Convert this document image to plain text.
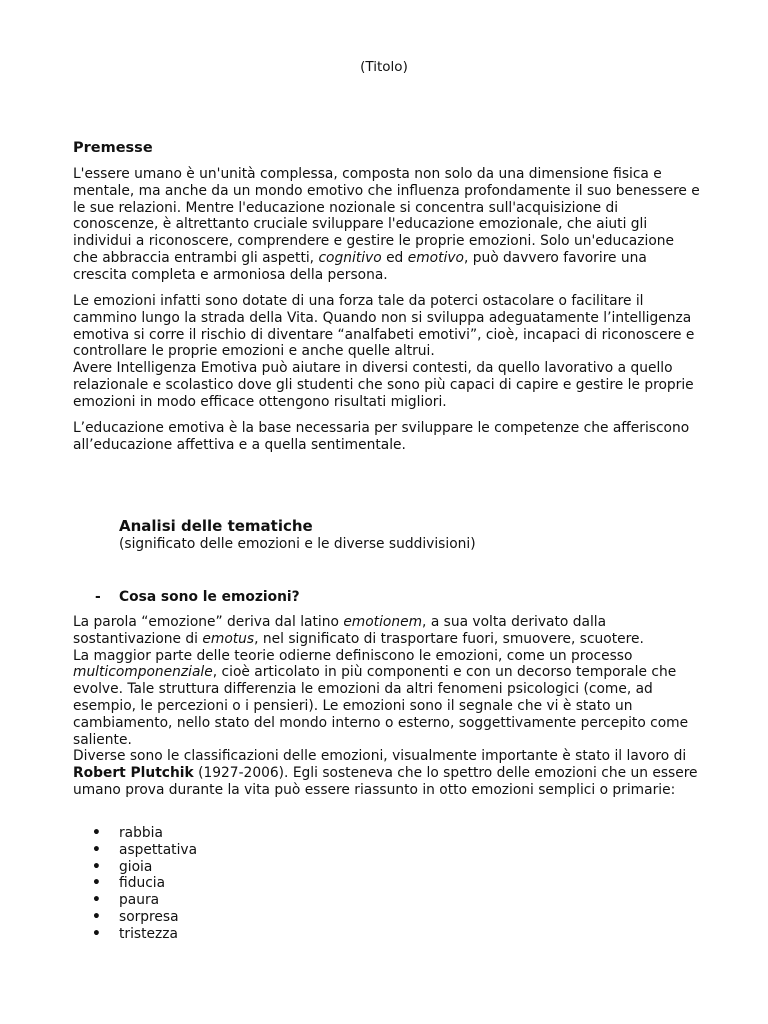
(Titolo)
Premesse

L'essere umano è un'unità complessa, composta non solo da una dimensione fisica e mentale, ma anche da un mondo emotivo che influenza profondamente il suo benessere e le sue relazioni. Mentre l'educazione nozionale si concentra sull'acquisizione di conoscenze, è altrettanto cruciale sviluppare l'educazione emozionale, che aiuti gli individui a riconoscere, comprendere e gestire le proprie emozioni. Solo un'educazione che abbraccia entrambi gli aspetti, cognitivo ed emotivo, può davvero favorire una crescita completa e armoniosa della persona.

Le emozioni infatti sono dotate di una forza tale da poterci ostacolare o facilitare il cammino lungo la strada della Vita. Quando non si sviluppa adeguatamente l’intelligenza emotiva si corre il rischio di diventare “analfabeti emotivi”, cioè, incapaci di riconoscere e controllare le proprie emozioni e anche quelle altrui.

Avere Intelligenza Emotiva può aiutare in diversi contesti, da quello lavorativo a quello relazionale e scolastico dove gli studenti che sono più capaci di capire e gestire le proprie emozioni in modo efficace ottengono risultati migliori.

L’educazione emotiva è la base necessaria per sviluppare le competenze che afferiscono all’educazione affettiva e a quella sentimentale.

Analisi delle tematiche
(significato delle emozioni e le diverse suddivisioni)
- Cosa sono le emozioni?

La parola “emozione” deriva dal latino emotionem, a sua volta derivato dalla sostantivazione di emotus, nel significato di trasportare fuori, smuovere, scuotere.

La maggior parte delle teorie odierne definiscono le emozioni, come un processo multicomponenziale, cioè articolato in più componenti e con un decorso temporale che evolve. Tale struttura differenzia le emozioni da altri fenomeni psicologici (come, ad esempio, le percezioni o i pensieri). Le emozioni sono il segnale che vi è stato un cambiamento, nello stato del mondo interno o esterno, soggettivamente percepito come saliente.

Diverse sono le classificazioni delle emozioni, visualmente importante è stato il lavoro di Robert Plutchik (1927-2006). Egli sosteneva che lo spettro delle emozioni che un essere umano prova durante la vita può essere riassunto in otto emozioni semplici o primarie:

• rabbia
• aspettativa
• gioia
• fiducia
• paura
• sorpresa
• tristezza
